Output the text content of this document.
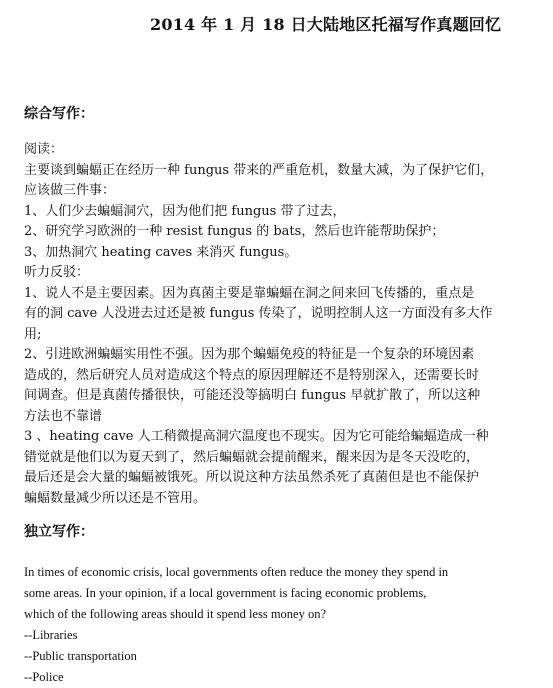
2014 年 1 月 18 日大陆地区托福写作真题回忆
综合写作：
阅读：
主要谈到蝙蝠正在经历一种 fungus 带来的严重危机，数量大减，为了保护它们，
应该做三件事：
1、人们少去蝙蝠洞穴，因为他们把 fungus 带了过去，
2、研究学习欧洲的一种 resist fungus 的 bats，然后也许能帮助保护；
3、加热洞穴 heating caves 来消灭 fungus。
听力反驳：
1、说人不是主要因素。因为真菌主要是靠蝙蝠在洞之间来回飞传播的，重点是
有的洞 cave 人没进去过还是被 fungus 传染了，说明控制人这一方面没有多大作
用;
2、引进欧洲蝙蝠实用性不强。因为那个蝙蝠免疫的特征是一个复杂的环境因素
造成的，然后研究人员对造成这个特点的原因理解还不是特别深入，还需要长时
间调查。但是真菌传播很快，可能还没等搞明白 fungus 早就扩散了，所以这种
方法也不靠谱
3 、heating cave 人工稍微提高洞穴温度也不现实。因为它可能给蝙蝠造成一种
错觉就是他们以为夏天到了，然后蝙蝠就会提前醒来，醒来因为是冬天没吃的，
最后还是会大量的蝙蝠被饿死。所以说这种方法虽然杀死了真菌但是也不能保护
蝙蝠数量减少所以还是不管用。
独立写作：
In times of economic crisis, local governments often reduce the money they spend in
some areas. In your opinion, if a local government is facing economic problems,
which of the following areas should it spend less money on?
--Libraries
--Public transportation
--Police
